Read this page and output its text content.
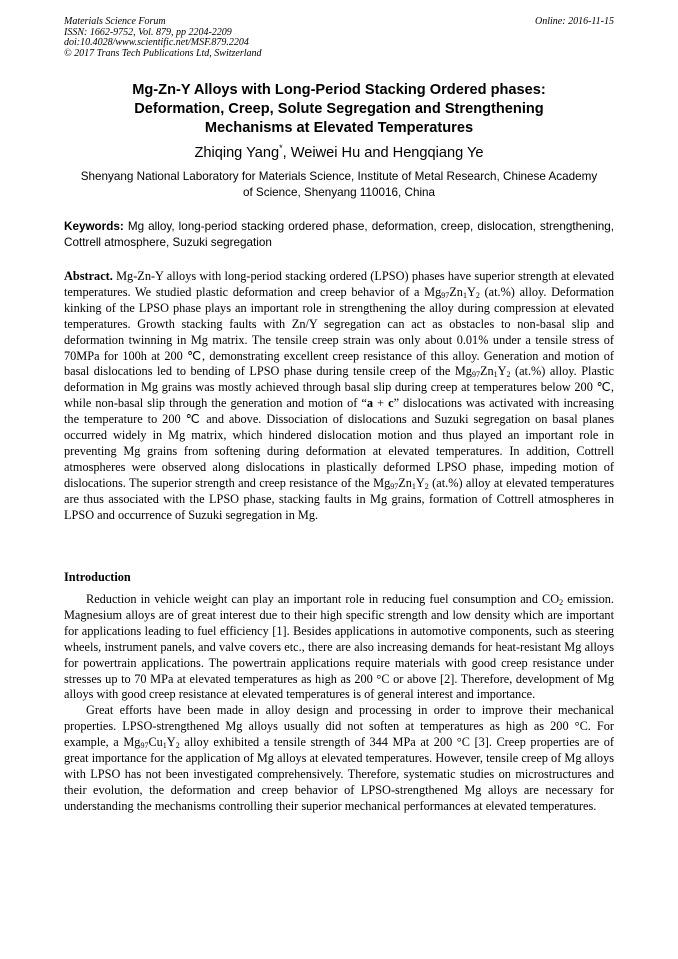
Materials Science Forum
ISSN: 1662-9752, Vol. 879, pp 2204-2209
doi:10.4028/www.scientific.net/MSF.879.2204
© 2017 Trans Tech Publications Ltd, Switzerland
Online: 2016-11-15
Mg-Zn-Y Alloys with Long-Period Stacking Ordered phases:
Deformation, Creep, Solute Segregation and Strengthening
Mechanisms at Elevated Temperatures
Zhiqing Yang*, Weiwei Hu and Hengqiang Ye
Shenyang National Laboratory for Materials Science, Institute of Metal Research, Chinese Academy
of Science, Shenyang 110016, China
Keywords: Mg alloy, long-period stacking ordered phase, deformation, creep, dislocation, strengthening, Cottrell atmosphere, Suzuki segregation
Abstract. Mg-Zn-Y alloys with long-period stacking ordered (LPSO) phases have superior strength at elevated temperatures. We studied plastic deformation and creep behavior of a $Mg_{97}Zn_1Y_2$ (at.%) alloy. Deformation kinking of the LPSO phase plays an important role in strengthening the alloy during compression at elevated temperatures. Growth stacking faults with Zn/Y segregation can act as obstacles to non-basal slip and deformation twinning in Mg matrix. The tensile creep strain was only about 0.01% under a tensile stress of 70MPa for 100h at 200 ℃, demonstrating excellent creep resistance of this alloy. Generation and motion of basal dislocations led to bending of LPSO phase during tensile creep of the $Mg_{97}Zn_1Y_2$ (at.%) alloy. Plastic deformation in Mg grains was mostly achieved through basal slip during creep at temperatures below 200 ℃, while non-basal slip through the generation and motion of “a + c” dislocations was activated with increasing the temperature to 200 ℃ and above. Dissociation of dislocations and Suzuki segregation on basal planes occurred widely in Mg matrix, which hindered dislocation motion and thus played an important role in preventing Mg grains from softening during deformation at elevated temperatures. In addition, Cottrell atmospheres were observed along dislocations in plastically deformed LPSO phase, impeding motion of dislocations. The superior strength and creep resistance of the $Mg_{97}Zn_1Y_2$ (at.%) alloy at elevated temperatures are thus associated with the LPSO phase, stacking faults in Mg grains, formation of Cottrell atmospheres in LPSO and occurrence of Suzuki segregation in Mg.
Introduction

Reduction in vehicle weight can play an important role in reducing fuel consumption and $CO_2$ emission. Magnesium alloys are of great interest due to their high specific strength and low density which are important for applications leading to fuel efficiency [1]. Besides applications in automotive components, such as steering wheels, instrument panels, and valve covers etc., there are also increasing demands for heat-resistant Mg alloys for powertrain applications. The powertrain applications require materials with good creep resistance under stresses up to 70 MPa at elevated temperatures as high as 200 °C or above [2]. Therefore, development of Mg alloys with good creep resistance at elevated temperatures is of general interest and importance.

Great efforts have been made in alloy design and processing in order to improve their mechanical properties. LPSO-strengthened Mg alloys usually did not soften at temperatures as high as 200 °C. For example, a $Mg_{97}Cu_1Y_2$ alloy exhibited a tensile strength of 344 MPa at 200 °C [3]. Creep properties are of great importance for the application of Mg alloys at elevated temperatures. However, tensile creep of Mg alloys with LPSO has not been investigated comprehensively. Therefore, systematic studies on microstructures and their evolution, the deformation and creep behavior of LPSO-strengthened Mg alloys are necessary for understanding the mechanisms controlling their superior mechanical performances at elevated temperatures.
